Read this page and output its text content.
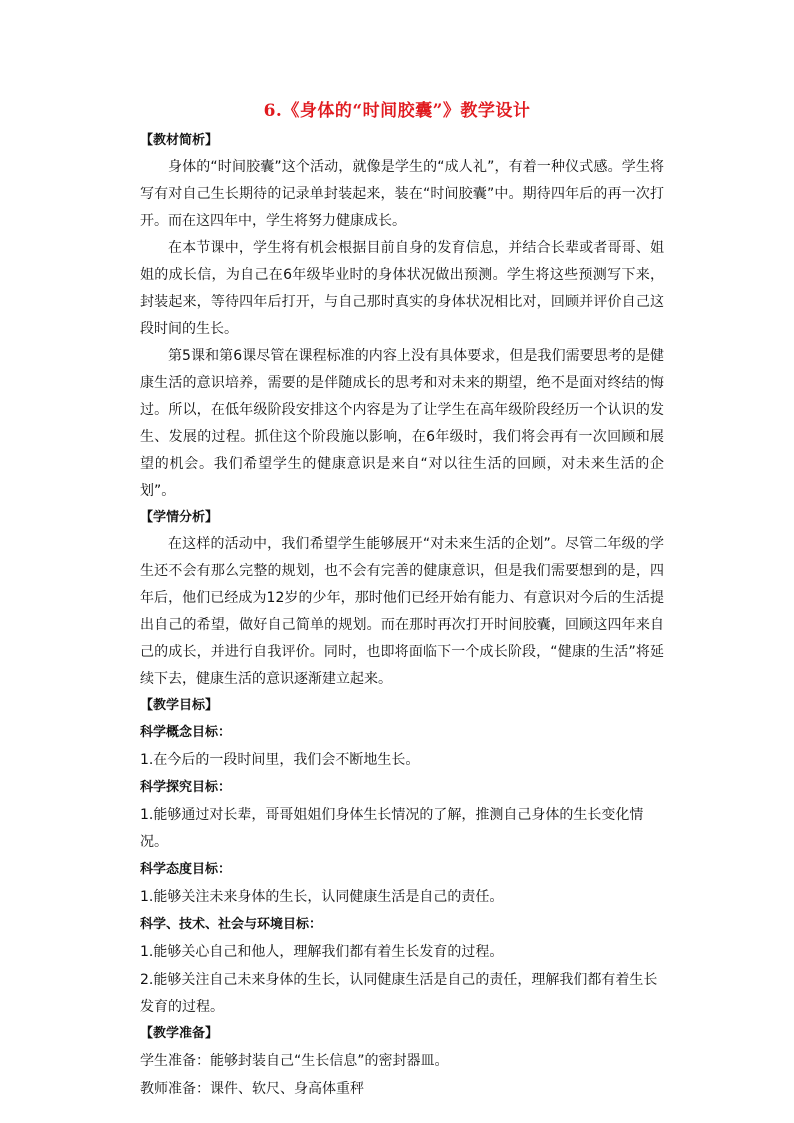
6.《身体的“时间胶囊”》教学设计
【教材简析】

身体的“时间胶囊”这个活动，就像是学生的“成人礼”，有着一种仪式感。学生将写有对自己生长期待的记录单封装起来，装在“时间胶囊”中。期待四年后的再一次打开。而在这四年中，学生将努力健康成长。

在本节课中，学生将有机会根据目前自身的发育信息，并结合长辈或者哥哥、姐姐的成长信，为自己在6年级毕业时的身体状况做出预测。学生将这些预测写下来，封装起来，等待四年后打开，与自己那时真实的身体状况相比对，回顾并评价自己这段时间的生长。

第5课和第6课尽管在课程标准的内容上没有具体要求，但是我们需要思考的是健康生活的意识培养，需要的是伴随成长的思考和对未来的期望，绝不是面对终结的悔过。所以，在低年级阶段安排这个内容是为了让学生在高年级阶段经历一个认识的发生、发展的过程。抓住这个阶段施以影响，在6年级时，我们将会再有一次回顾和展望的机会。我们希望学生的健康意识是来自“对以往生活的回顾，对未来生活的企划”。

【学情分析】

在这样的活动中，我们希望学生能够展开“对未来生活的企划”。尽管二年级的学生还不会有那么完整的规划，也不会有完善的健康意识，但是我们需要想到的是，四年后，他们已经成为12岁的少年，那时他们已经开始有能力、有意识对今后的生活提出自己的希望，做好自己简单的规划。而在那时再次打开时间胶囊，回顾这四年来自己的成长，并进行自我评价。同时，也即将面临下一个成长阶段，“健康的生活”将延续下去，健康生活的意识逐渐建立起来。

【教学目标】
科学概念目标：
1.在今后的一段时间里，我们会不断地生长。
科学探究目标：
1.能够通过对长辈，哥哥姐姐们身体生长情况的了解，推测自己身体的生长变化情况。
科学态度目标：
1.能够关注未来身体的生长，认同健康生活是自己的责任。
科学、技术、社会与环境目标：
1.能够关心自己和他人，理解我们都有着生长发育的过程。
2.能够关注自己未来身体的生长，认同健康生活是自己的责任，理解我们都有着生长发育的过程。
【教学准备】
学生准备：能够封装自己“生长信息”的密封器皿。
教师准备：课件、软尺、身高体重秤
